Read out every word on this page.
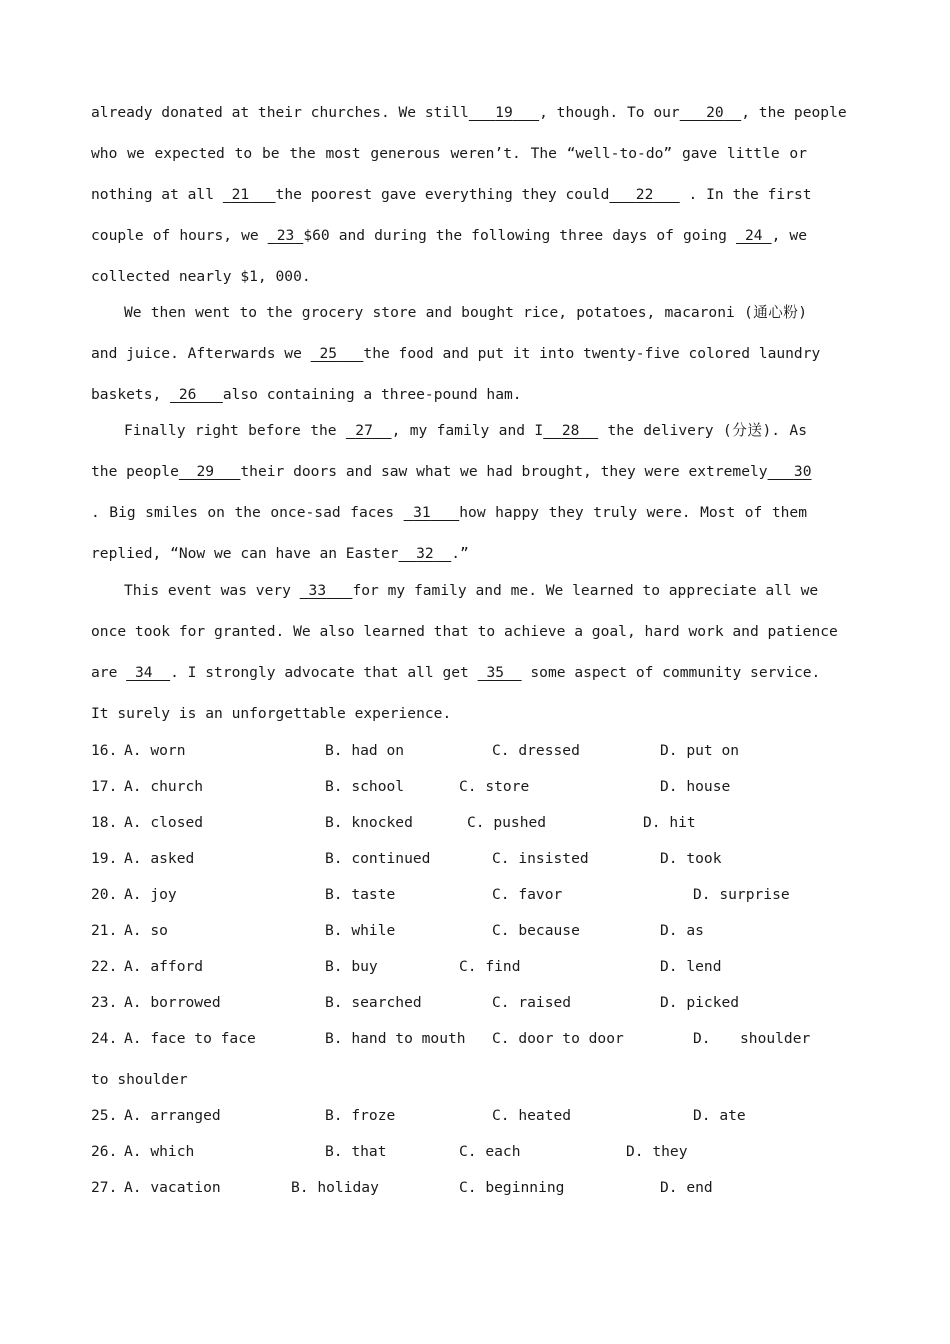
already donated at their churches. We still 19 , though. To our 20 , the people
who we expected to be the most generous weren’t. The “well-to-do” gave little or
nothing at all 21 the poorest gave everything they could 22 . In the first
couple of hours, we 23 $60 and during the following three days of going 24 , we
collected nearly $1, 000.
We then went to the grocery store and bought rice, potatoes, macaroni (通心粉)
and juice. Afterwards we 25 the food and put it into twenty-five colored laundry
baskets, 26 also containing a three-pound ham.
Finally right before the 27 , my family and I 28 the delivery (分送). As
the people 29 their doors and saw what we had brought, they were extremely 30
. Big smiles on the once-sad faces 31 how happy they truly were. Most of them
replied, “Now we can have an Easter 32 .”
This event was very 33 for my family and me. We learned to appreciate all we
once took for granted. We also learned that to achieve a goal, hard work and patience
are 34 . I strongly advocate that all get 35 some aspect of community service.
It surely is an unforgettable experience.
16. A. worn	B. had on	C. dressed	D. put on
17. A. church	B. school	C. store	D. house
18. A. closed	B. knocked	C. pushed	D. hit
19. A. asked	B. continued	C. insisted	D. took
20. A. joy	B. taste	C. favor	D. surprise
21. A. so	B. while	C. because	D. as
22. A. afford	B. buy	C. find	D. lend
23. A. borrowed	B. searched	C. raised	D. picked
24. A. face to face	B. hand to mouth C. door to door	D. shoulder
to shoulder
25. A. arranged	B. froze	C. heated	D. ate
26. A. which	B. that	C. each	D. they
27. A. vacation	B. holiday	C. beginning	D. end
